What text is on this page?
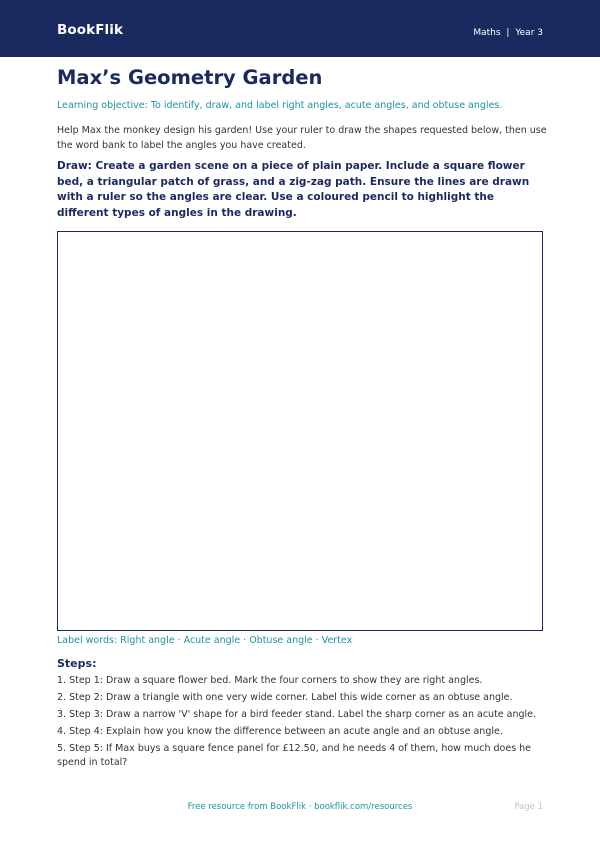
BookFlik	Maths | Year 3
Max’s Geometry Garden
Learning objective: To identify, draw, and label right angles, acute angles, and obtuse angles.
Help Max the monkey design his garden! Use your ruler to draw the shapes requested below, then use the word bank to label the angles you have created.
Draw: Create a garden scene on a piece of plain paper. Include a square flower bed, a triangular patch of grass, and a zig-zag path. Ensure the lines are drawn with a ruler so the angles are clear. Use a coloured pencil to highlight the different types of angles in the drawing.
Label words: Right angle · Acute angle · Obtuse angle · Vertex
Steps:
1. Step 1: Draw a square flower bed. Mark the four corners to show they are right angles.
2. Step 2: Draw a triangle with one very wide corner. Label this wide corner as an obtuse angle.
3. Step 3: Draw a narrow 'V' shape for a bird feeder stand. Label the sharp corner as an acute angle.
4. Step 4: Explain how you know the difference between an acute angle and an obtuse angle.
5. Step 5: If Max buys a square fence panel for £12.50, and he needs 4 of them, how much does he spend in total?
Free resource from BookFlik · bookflik.com/resources	Page 1
